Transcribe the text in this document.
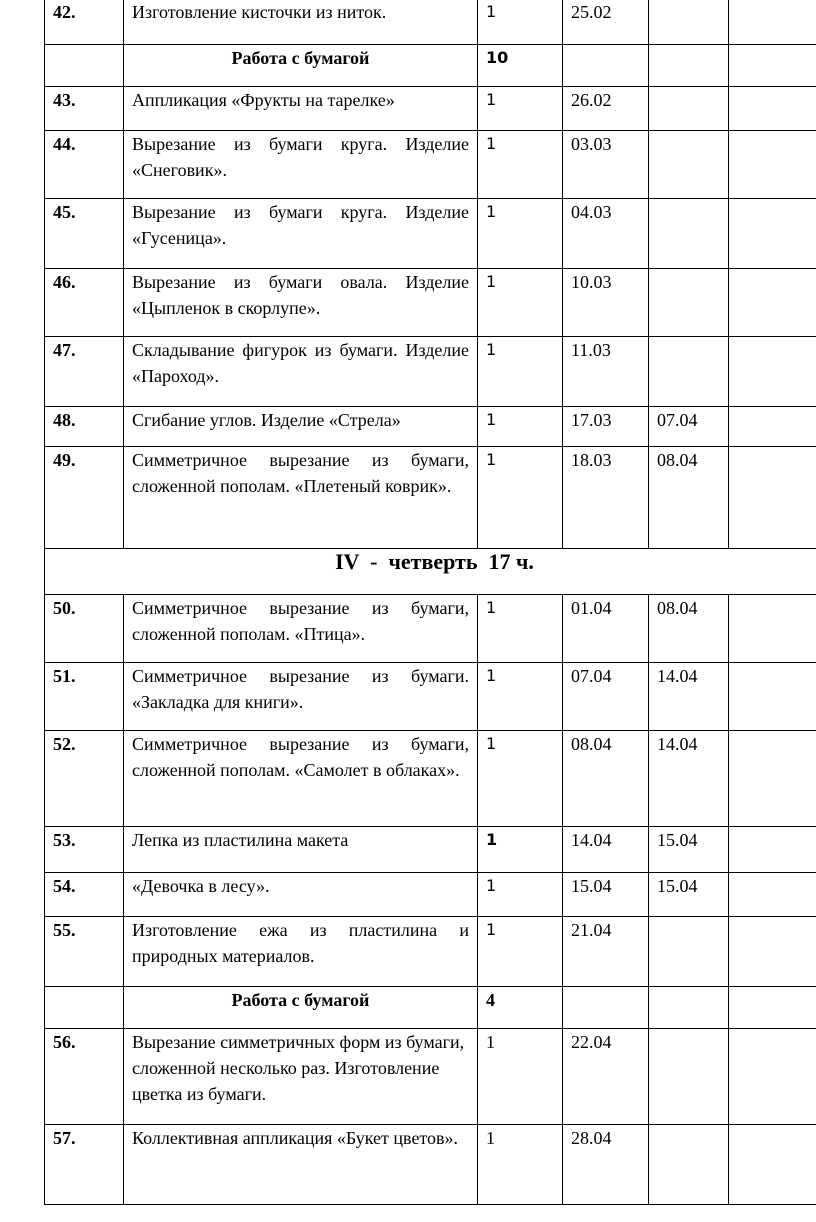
42.	Изготовление кисточки из ниток.	1	25.02		
	Работа с бумагой	10			
43.	Аппликация «Фрукты на тарелке»	1	26.02		
44.	Вырезание из бумаги круга. Изделие «Снеговик».	1	03.03		
45.	Вырезание из бумаги круга. Изделие «Гусеница».	1	04.03		
46.	Вырезание из бумаги овала. Изделие «Цыпленок в скорлупе».	1	10.03		
47.	Складывание фигурок из бумаги. Изделие «Пароход».	1	11.03		
48.	Сгибание углов. Изделие «Стрела»	1	17.03	07.04	
49.	Симметричное вырезание из бумаги, сложенной пополам. «Плетеный коврик».	1	18.03	08.04	
IV  -  четверть  17 ч.					
50.	Симметричное вырезание из бумаги, сложенной пополам. «Птица».	1	01.04	08.04	
51.	Симметричное вырезание из бумаги. «Закладка для книги».	1	07.04	14.04	
52.	Симметричное вырезание из бумаги, сложенной пополам. «Самолет в облаках».	1	08.04	14.04	
53.	Лепка из пластилина макета	1	14.04	15.04	
54.	«Девочка в лесу».	1	15.04	15.04	
55.	Изготовление ежа из пластилина и природных материалов.	1	21.04		
	Работа с бумагой	4			
56.	Вырезание симметричных форм из бумаги, сложенной несколько раз. Изготовление цветка из бумаги.	1	22.04		
57.	Коллективная аппликация «Букет цветов».	1	28.04		
